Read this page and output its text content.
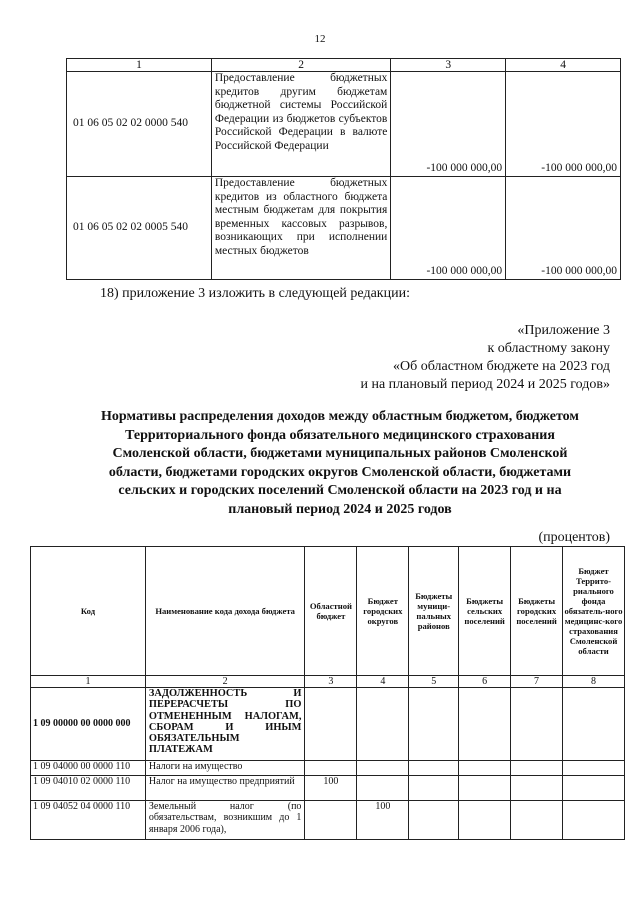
12
1	2	3	4
01 06 05 02 02 0000 540	Предоставление бюджетных кредитов другим бюджетам бюджетной системы Российской Федерации из бюджетов субъектов Российской Федерации в валюте Российской Федерации	-100 000 000,00	-100 000 000,00
01 06 05 02 02 0005 540	Предоставление бюджетных кредитов из областного бюджета местным бюджетам для покрытия временных кассовых разрывов, возникающих при исполнении местных бюджетов	-100 000 000,00	-100 000 000,00
18) приложение 3 изложить в следующей редакции:
«Приложение 3
к областному закону
«Об областном бюджете на 2023 год
и на плановый период 2024 и 2025 годов»
Нормативы распределения доходов между областным бюджетом, бюджетом
Территориального фонда обязательного медицинского страхования
Смоленской области, бюджетами муниципальных районов Смоленской
области, бюджетами городских округов Смоленской области, бюджетами
сельских и городских поселений Смоленской области на 2023 год и на
плановый период 2024 и 2025 годов
(процентов)
Код	Наименование кода дохода бюджета	Областной бюджет	Бюджет городских округов	Бюджеты муници-пальных районов	Бюджеты сельских поселений	Бюджеты городских поселений	Бюджет Террито-риального фонда обязатель-ного медицинс-кого страхования Смоленской области
1	2	3	4	5	6	7	8
1 09 00000 00 0000 000	ЗАДОЛЖЕННОСТЬ И ПЕРЕРАСЧЕТЫ ПО ОТМЕНЕННЫМ НАЛОГАМ, СБОРАМ И ИНЫМ ОБЯЗАТЕЛЬНЫМ ПЛАТЕЖАМ						
1 09 04000 00 0000 110	Налоги на имущество						
1 09 04010 02 0000 110	Налог на имущество предприятий	100					
1 09 04052 04 0000 110	Земельный налог (по обязательствам, возникшим до 1 января 2006 года),		100				
